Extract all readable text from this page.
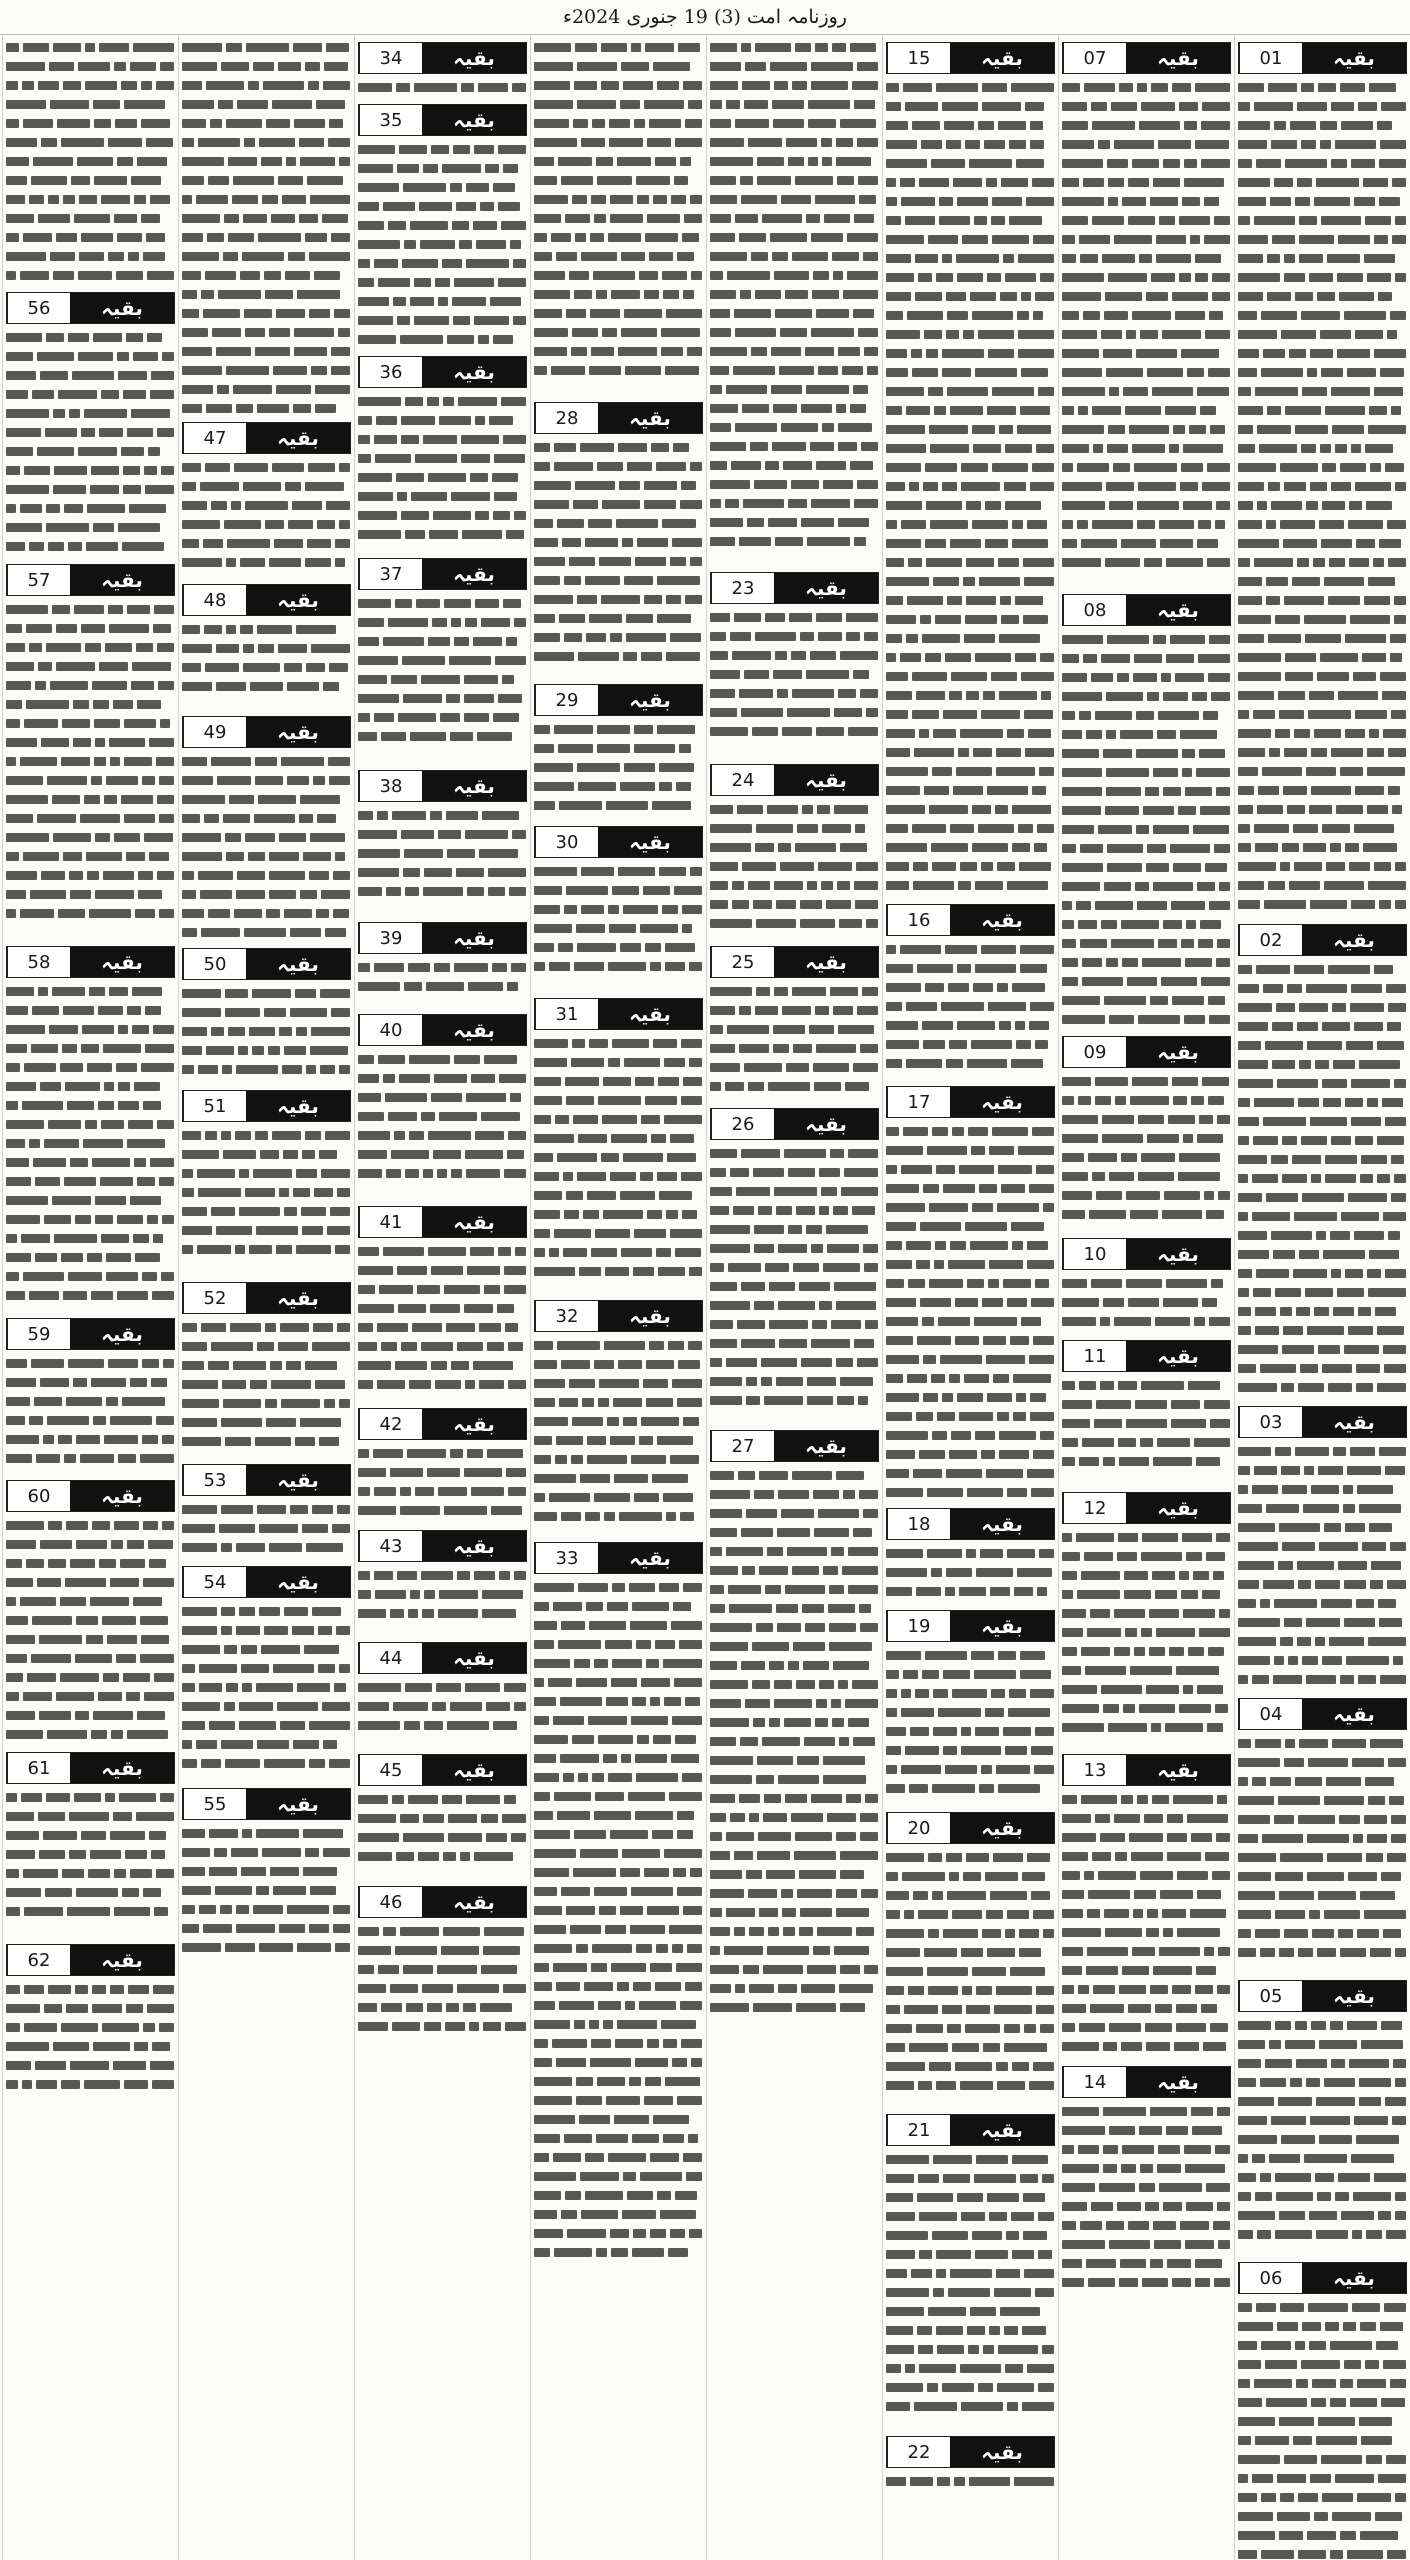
روزنامہ امت (3) 19 جنوری 2024ء
01	بقیہ
02	بقیہ
03	بقیہ
04	بقیہ
05	بقیہ
06	بقیہ
07	بقیہ
08	بقیہ
09	بقیہ
10	بقیہ
11	بقیہ
12	بقیہ
13	بقیہ
14	بقیہ
15	بقیہ
16	بقیہ
17	بقیہ
18	بقیہ
19	بقیہ
20	بقیہ
21	بقیہ
22	بقیہ
23	بقیہ
24	بقیہ
25	بقیہ
26	بقیہ
27	بقیہ
28	بقیہ
29	بقیہ
30	بقیہ
31	بقیہ
32	بقیہ
33	بقیہ
34	بقیہ
35	بقیہ
36	بقیہ
37	بقیہ
38	بقیہ
39	بقیہ
40	بقیہ
41	بقیہ
42	بقیہ
43	بقیہ
44	بقیہ
45	بقیہ
46	بقیہ
47	بقیہ
48	بقیہ
49	بقیہ
50	بقیہ
51	بقیہ
52	بقیہ
53	بقیہ
54	بقیہ
55	بقیہ
56	بقیہ
57	بقیہ
58	بقیہ
59	بقیہ
60	بقیہ
61	بقیہ
62	بقیہ
